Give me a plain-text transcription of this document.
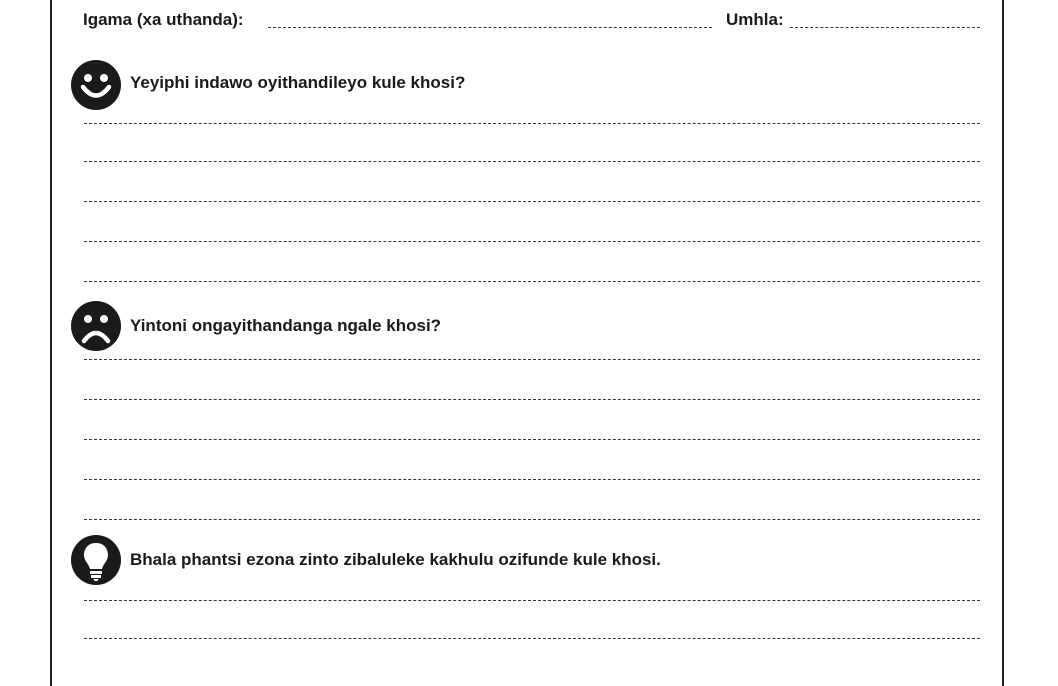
Igama (xa uthanda):	Umhla:
Yeyiphi indawo oyithandileyo kule khosi?
Yintoni ongayithandanga ngale khosi?
Bhala phantsi ezona zinto zibaluleke kakhulu ozifunde kule khosi.
